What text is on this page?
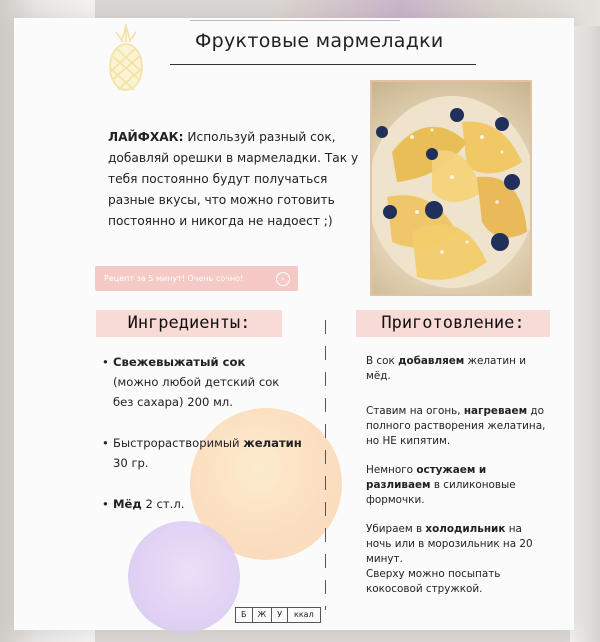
Фруктовые мармеладки
ЛАЙФХАК: Используй разный сок, добавляй орешки в мармеладки. Так у тебя постоянно будут получаться разные вкусы, что можно готовить постоянно и никогда не надоест ;)
Рецепт за 5 минут! Очень сочно!	›
Ингредиенты:	Приготовление:
• Свежевыжатый сок
(можно любой детский сок без сахара) 200 мл.
• Быстрорастворимый желатин 30 гр.
• Мёд 2 ст.л.

В сок добавляем желатин и мёд.

Ставим на огонь, нагреваем до полного растворения желатина, но НЕ кипятим.

Немного остужаем и разливаем в силиконовые формочки.

Убираем в холодильник на ночь или в морозильник на 20 минут.
Сверху можно посыпать кокосовой стружкой.

Б	Ж	У	ккал
